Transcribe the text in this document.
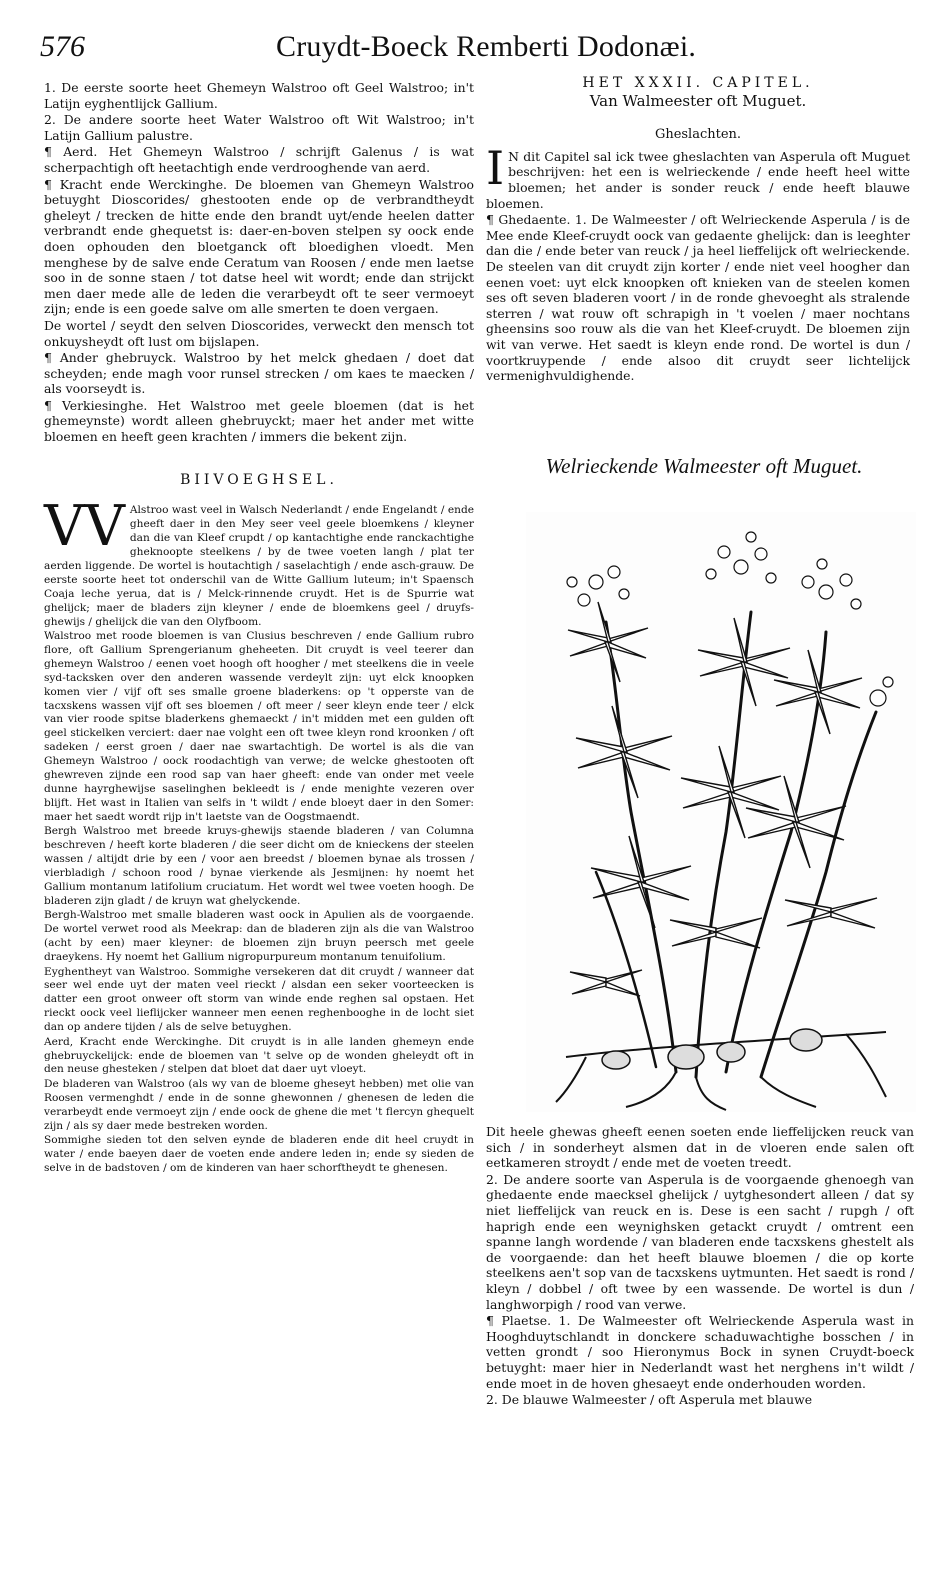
576	Cruydt-Boeck Remberti Dodonæi.

1. De eerste soorte heet Ghemeyn Walstroo oft Geel Walstroo; in't Latijn eyghentlijck Gallium.

2. De andere soorte heet Water Walstroo oft Wit Walstroo; in't Latijn Gallium palustre.

¶ Aerd. Het Ghemeyn Walstroo / schrijft Galenus / is wat scherpachtigh oft heetachtigh ende verdrooghende van aerd.

¶ Kracht ende Werckinghe. De bloemen van Ghemeyn Walstroo betuyght Dioscorides/ ghestooten ende op de verbrandtheydt gheleyt / trecken de hitte ende den brandt uyt/ende heelen datter verbrandt ende ghequetst is: daer-en-boven stelpen sy oock ende doen ophouden den bloetganck oft bloedighen vloedt. Men menghese by de salve ende Ceratum van Roosen / ende men laetse soo in de sonne staen / tot datse heel wit wordt; ende dan strijckt men daer mede alle de leden die verarbeydt oft te seer vermoeyt zijn; ende is een goede salve om alle smerten te doen vergaen.

De wortel / seydt den selven Dioscorides, verweckt den mensch tot onkuysheydt oft lust om bijslapen.

¶ Ander ghebruyck. Walstroo by het melck ghedaen / doet dat scheyden; ende magh voor runsel strecken / om kaes te maecken / als voorseydt is.

¶ Verkiesinghe. Het Walstroo met geele bloemen (dat is het ghemeynste) wordt alleen ghebruyckt; maer het ander met witte bloemen en heeft geen krachten / immers die bekent zijn.

BIIVOEGHSEL.

VV Alstroo wast veel in Walsch Nederlandt / ende Engelandt / ende gheeft daer in den Mey seer veel geele bloemkens / kleyner dan die van Kleef crupdt / op kantachtighe ende ranckachtighe gheknoopte steelkens / by de twee voeten langh / plat ter aerden liggende. De wortel is houtachtigh / saselachtigh / ende asch-grauw. De eerste soorte heet tot onderschil van de Witte Gallium luteum; in't Spaensch Coaja leche yerua, dat is / Melck-rinnende cruydt. Het is de Spurrie wat ghelijck; maer de bladers zijn kleyner / ende de bloemkens geel / druyfs-ghewijs / ghelijck die van den Olyfboom.

Walstroo met roode bloemen is van Clusius beschreven / ende Gallium rubro flore, oft Gallium Sprengerianum gheheeten. Dit cruydt is veel teerer dan ghemeyn Walstroo / eenen voet hoogh oft hoogher / met steelkens die in veele syd-tacksken over den anderen wassende verdeylt zijn: uyt elck knoopken komen vier / vijf oft ses smalle groene bladerkens: op 't opperste van de tacxskens wassen vijf oft ses bloemen / oft meer / seer kleyn ende teer / elck van vier roode spitse bladerkens ghemaeckt / in't midden met een gulden oft geel stickelken verciert: daer nae volght een oft twee kleyn rond kroonken / oft sadeken / eerst groen / daer nae swartachtigh. De wortel is als die van Ghemeyn Walstroo / oock roodachtigh van verwe; de welcke ghestooten oft ghewreven zijnde een rood sap van haer gheeft: ende van onder met veele dunne hayrghewijse saselinghen bekleedt is / ende menighte vezeren over blijft. Het wast in Italien van selfs in 't wildt / ende bloeyt daer in den Somer: maer het saedt wordt rijp in't laetste van de Oogstmaendt.

Bergh Walstroo met breede kruys-ghewijs staende bladeren / van Columna beschreven / heeft korte bladeren / die seer dicht om de knieckens der steelen wassen / altijdt drie by een / voor aen breedst / bloemen bynae als trossen / vierbladigh / schoon rood / bynae vierkende als Jesmijnen: hy noemt het Gallium montanum latifolium cruciatum. Het wordt wel twee voeten hoogh. De bladeren zijn gladt / de kruyn wat ghelyckende.

Bergh-Walstroo met smalle bladeren wast oock in Apulien als de voorgaende. De wortel verwet rood als Meekrap: dan de bladeren zijn als die van Walstroo (acht by een) maer kleyner: de bloemen zijn bruyn peersch met geele draeykens. Hy noemt het Gallium nigropurpureum montanum tenuifolium.

Eyghentheyt van Walstroo. Sommighe versekeren dat dit cruydt / wanneer dat seer wel ende uyt der maten veel rieckt / alsdan een seker voorteecken is datter een groot onweer oft storm van winde ende reghen sal opstaen. Het rieckt oock veel lieflijcker wanneer men eenen reghenbooghe in de locht siet dan op andere tijden / als de selve betuyghen.

Aerd, Kracht ende Werckinghe. Dit cruydt is in alle landen ghemeyn ende ghebruyckelijck: ende de bloemen van 't selve op de wonden gheleydt oft in den neuse ghesteken / stelpen dat bloet dat daer uyt vloeyt.

De bladeren van Walstroo (als wy van de bloeme gheseyt hebben) met olie van Roosen vermenghdt / ende in de sonne ghewonnen / ghenesen de leden die verarbeydt ende vermoeyt zijn / ende oock de ghene die met 't flercyn ghequelt zijn / als sy daer mede bestreken worden.

Sommighe sieden tot den selven eynde de bladeren ende dit heel cruydt in water / ende baeyen daer de voeten ende andere leden in; ende sy sieden de selve in de badstoven / om de kinderen van haer schorftheydt te ghenesen.

HET XXXII. CAPITEL.

Van Walmeester oft Muguet.

Gheslachten.

I N dit Capitel sal ick twee gheslachten van Asperula oft Muguet beschrijven: het een is welrieckende / ende heeft heel witte bloemen; het ander is sonder reuck / ende heeft blauwe bloemen.

¶ Ghedaente. 1. De Walmeester / oft Welrieckende Asperula / is de Mee ende Kleef-cruydt oock van gedaente ghelijck: dan is leeghter dan die / ende beter van reuck / ja heel lieffelijck oft welrieckende. De steelen van dit cruydt zijn korter / ende niet veel hoogher dan eenen voet: uyt elck knoopken oft knieken van de steelen komen ses oft seven bladeren voort / in de ronde ghevoeght als stralende sterren / wat rouw oft schrapigh in 't voelen / maer nochtans gheensins soo rouw als die van het Kleef-cruydt. De bloemen zijn wit van verwe. Het saedt is kleyn ende rond. De wortel is dun / voortkruypende / ende alsoo dit cruydt seer lichtelijck vermenighvuldighende.

Welrieckende Walmeester oft Muguet.

Dit heele ghewas gheeft eenen soeten ende lieffelijcken reuck van sich / in sonderheyt alsmen dat in de vloeren ende salen oft eetkameren stroydt / ende met de voeten treedt.

2. De andere soorte van Asperula is de voorgaende ghenoegh van ghedaente ende maecksel ghelijck / uytghesondert alleen / dat sy niet lieffelijck van reuck en is. Dese is een sacht / rupgh / oft haprigh ende een weynighsken getackt cruydt / omtrent een spanne langh wordende / van bladeren ende tacxskens ghestelt als de voorgaende: dan het heeft blauwe bloemen / die op korte steelkens aen't sop van de tacxskens uytmunten. Het saedt is rond / kleyn / dobbel / oft twee by een wassende. De wortel is dun / langhworpigh / rood van verwe.

¶ Plaetse. 1. De Walmeester oft Welrieckende Asperula wast in Hooghduytschlandt in donckere schaduwachtighe bosschen / in vetten grondt / soo Hieronymus Bock in synen Cruydt-boeck betuyght: maer hier in Nederlandt wast het nerghens in't wildt / ende moet in de hoven ghesaeyt ende onderhouden worden.

2. De blauwe Walmeester / oft Asperula met blauwe
